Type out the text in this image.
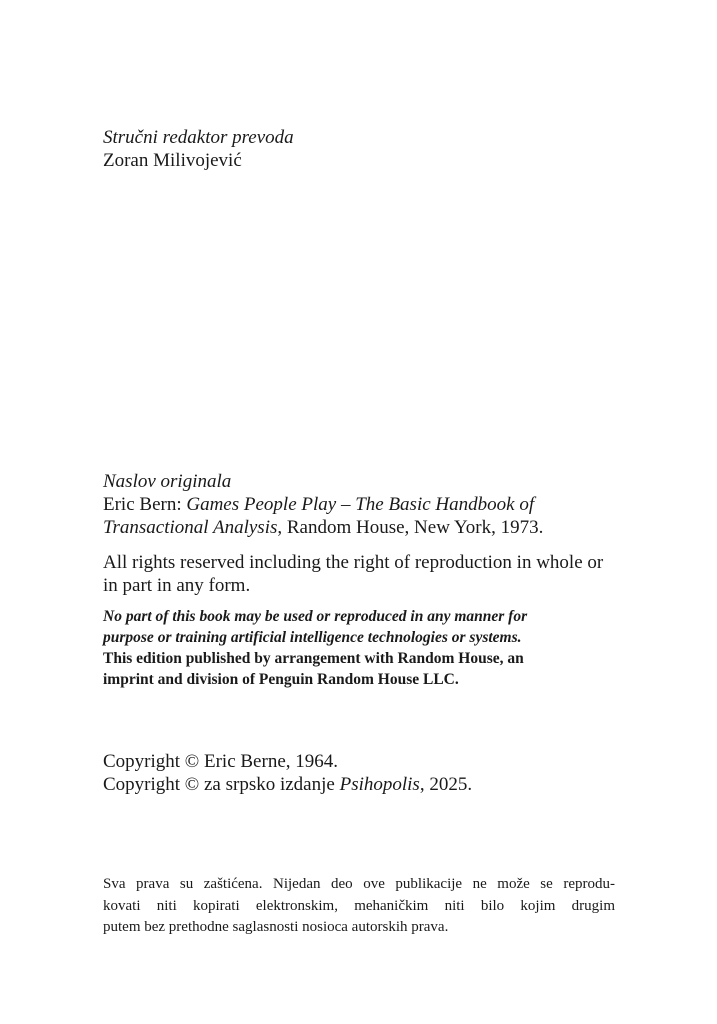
Stručni redaktor prevoda
Zoran Milivojević
Naslov originala
Eric Bern: Games People Play – The Basic Handbook of
Transactional Analysis, Random House, New York, 1973.
All rights reserved including the right of reproduction in whole or
in part in any form.
No part of this book may be used or reproduced in any manner for
purpose or training artificial intelligence technologies or systems.
This edition published by arrangement with Random House, an
imprint and division of Penguin Random House LLC.
Copyright © Eric Berne, 1964.
Copyright © za srpsko izdanje Psihopolis, 2025.
Sva prava su zaštićena. Nijedan deo ove publikacije ne može se reprodu-
kovati niti kopirati elektronskim, mehaničkim niti bilo kojim drugim
putem bez prethodne saglasnosti nosioca autorskih prava.
